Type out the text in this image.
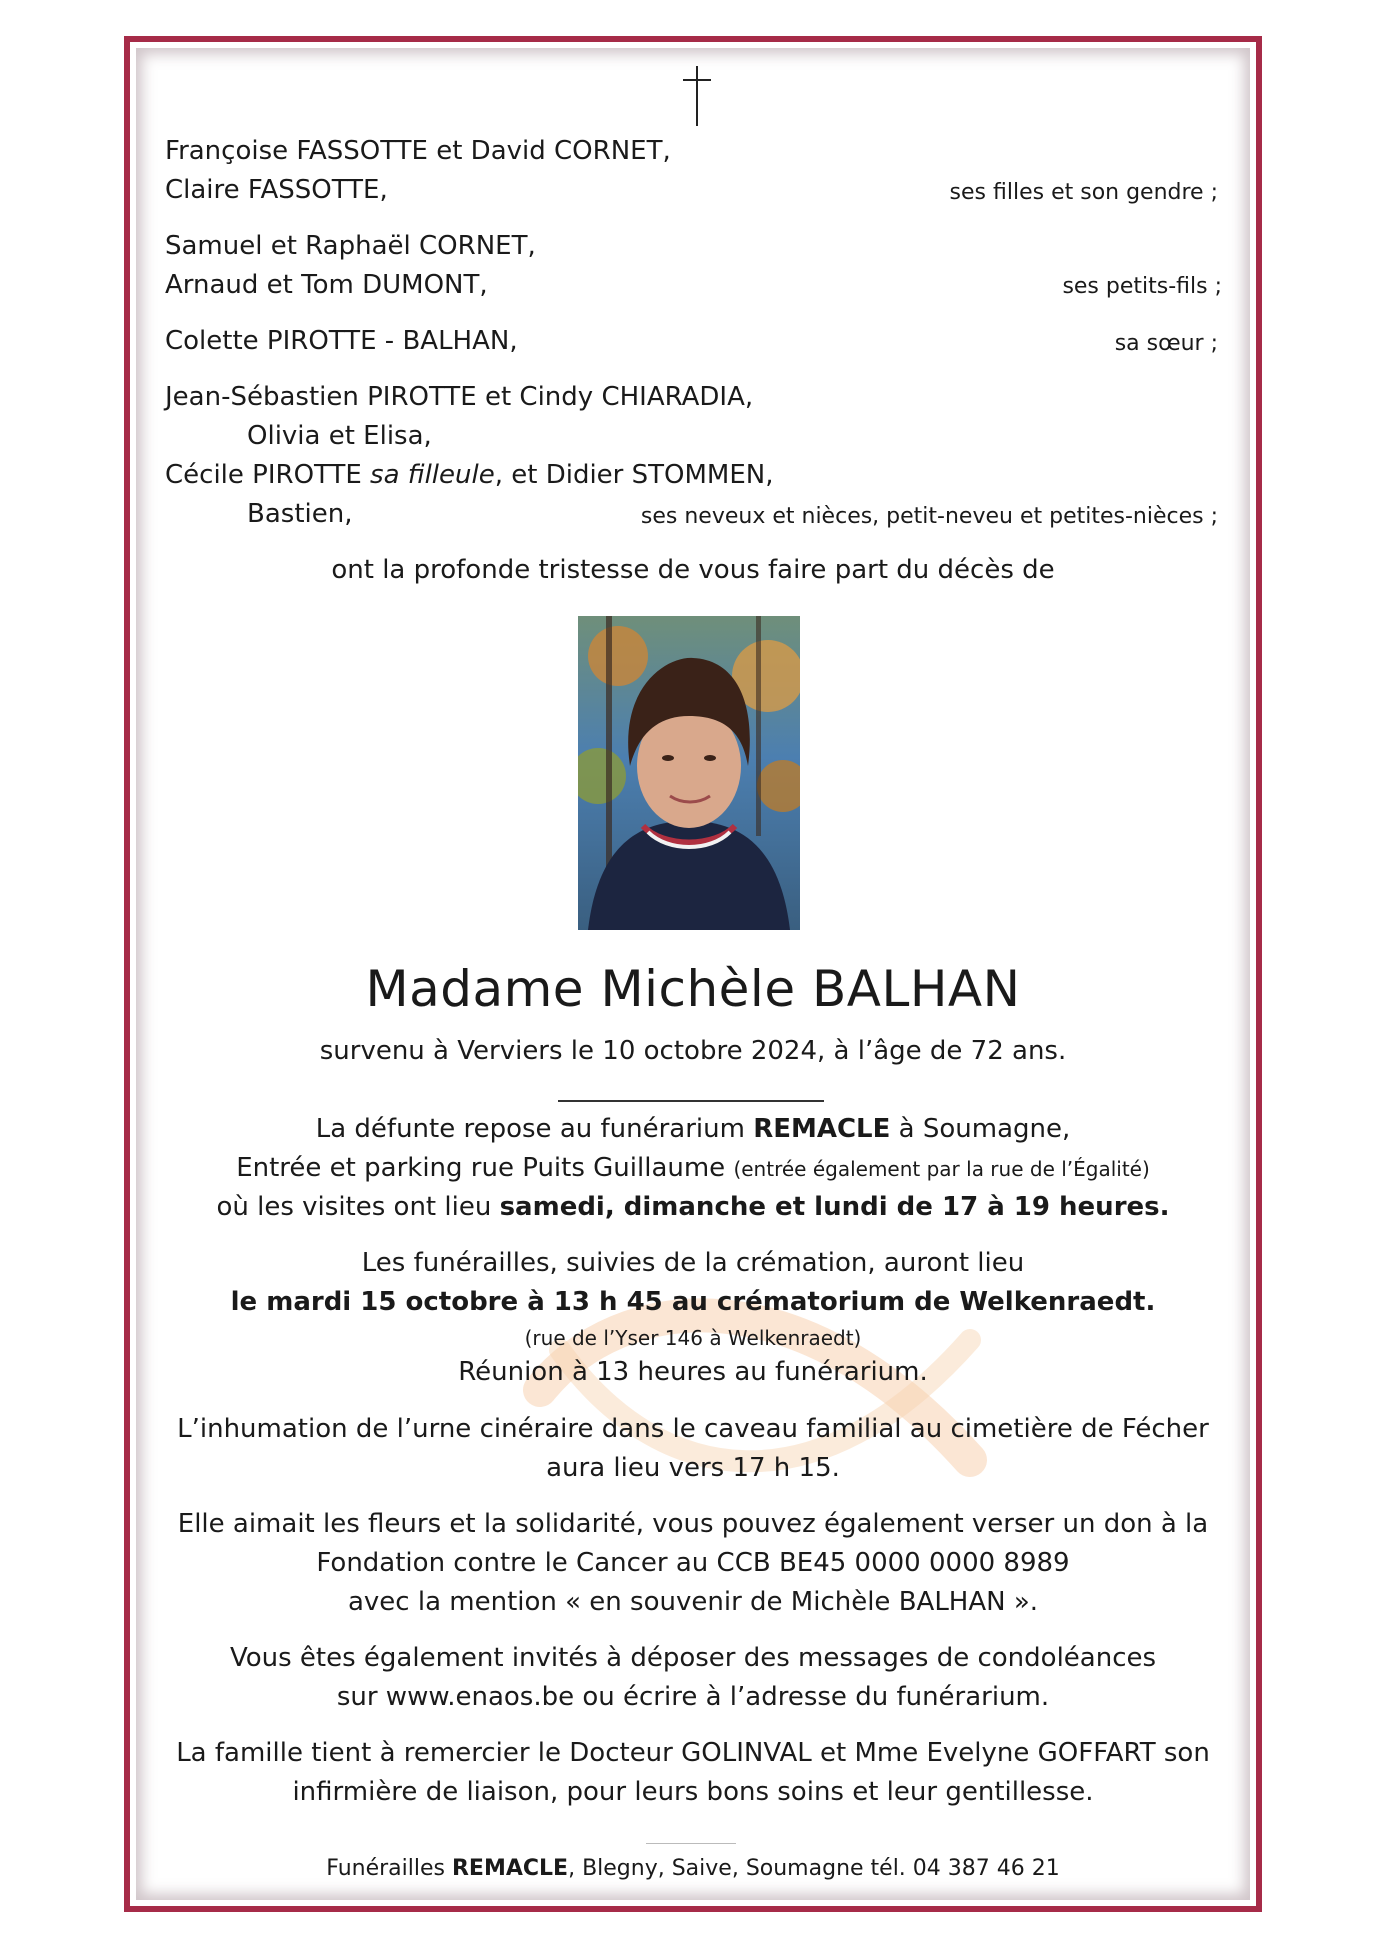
Françoise FASSOTTE et David CORNET,
Claire FASSOTTE,	ses filles et son gendre ;
Samuel et Raphaël CORNET,
Arnaud et Tom DUMONT,	ses petits-fils ;
Colette PIROTTE - BALHAN,	sa sœur ;
Jean-Sébastien PIROTTE et Cindy CHIARADIA,
Olivia et Elisa,
Cécile PIROTTE sa filleule, et Didier STOMMEN,
Bastien,	ses neveux et nièces, petit-neveu et petites-nièces ;
ont la profonde tristesse de vous faire part du décès de
Madame Michèle BALHAN
survenu à Verviers le 10 octobre 2024, à l’âge de 72 ans.
La défunte repose au funérarium REMACLE à Soumagne,
Entrée et parking rue Puits Guillaume (entrée également par la rue de l’Égalité)
où les visites ont lieu samedi, dimanche et lundi de 17 à 19 heures.
Les funérailles, suivies de la crémation, auront lieu
le mardi 15 octobre à 13 h 45 au crématorium de Welkenraedt.
(rue de l’Yser 146 à Welkenraedt)
Réunion à 13 heures au funérarium.
L’inhumation de l’urne cinéraire dans le caveau familial au cimetière de Fécher
aura lieu vers 17 h 15.
Elle aimait les fleurs et la solidarité, vous pouvez également verser un don à la
Fondation contre le Cancer au CCB BE45 0000 0000 8989
avec la mention « en souvenir de Michèle BALHAN ».
Vous êtes également invités à déposer des messages de condoléances
sur www.enaos.be ou écrire à l’adresse du funérarium.
La famille tient à remercier le Docteur GOLINVAL et Mme Evelyne GOFFART son
infirmière de liaison, pour leurs bons soins et leur gentillesse.
Funérailles REMACLE, Blegny, Saive, Soumagne tél. 04 387 46 21
